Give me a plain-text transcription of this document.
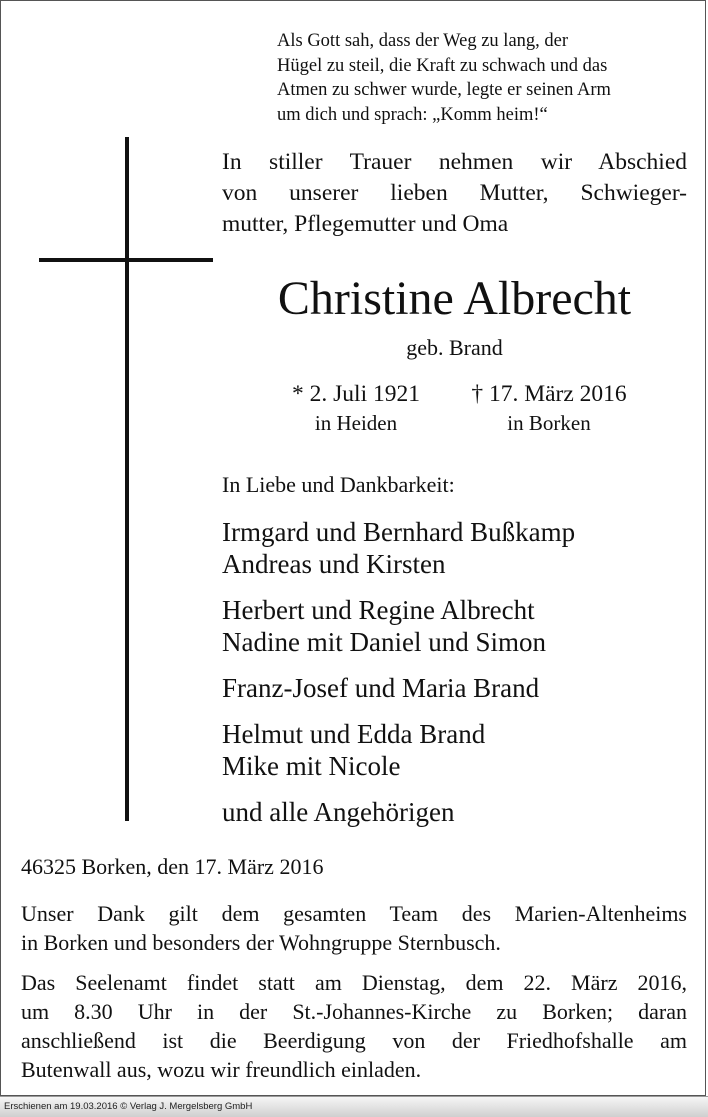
Als Gott sah, dass der Weg zu lang, der
Hügel zu steil, die Kraft zu schwach und das
Atmen zu schwer wurde, legte er seinen Arm
um dich und sprach: „Komm heim!“
In stiller Trauer nehmen wir Abschied
von unserer lieben Mutter, Schwieger-
mutter, Pflegemutter und Oma
Christine Albrecht
geb. Brand
* 2. Juli 1921
in Heiden
† 17. März 2016
in Borken
In Liebe und Dankbarkeit:
Irmgard und Bernhard Bußkamp
Andreas und Kirsten
Herbert und Regine Albrecht
Nadine mit Daniel und Simon
Franz-Josef und Maria Brand
Helmut und Edda Brand
Mike mit Nicole
und alle Angehörigen
46325 Borken, den 17. März 2016
Unser Dank gilt dem gesamten Team des Marien-Altenheims
in Borken und besonders der Wohngruppe Sternbusch.
Das Seelenamt findet statt am Dienstag, dem 22. März 2016,
um 8.30 Uhr in der St.-Johannes-Kirche zu Borken; daran
anschließend ist die Beerdigung von der Friedhofshalle am
Butenwall aus, wozu wir freundlich einladen.
Erschienen am 19.03.2016 © Verlag J. Mergelsberg GmbH
